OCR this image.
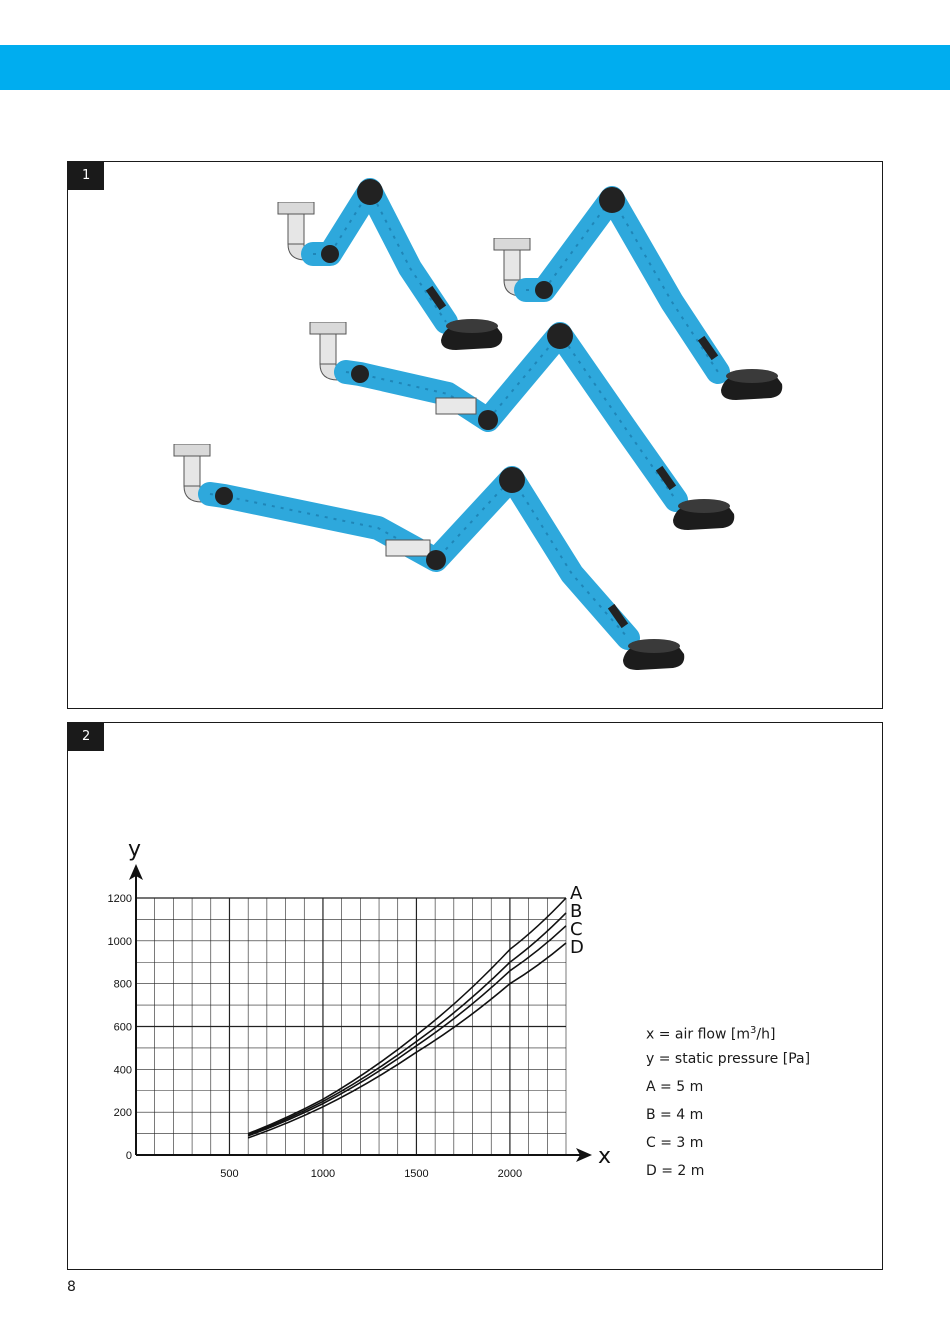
1
2
x
y
0
200
400
600
800
1000
1200
500	1000	1500	2000
A
B
C
D
x = air flow $[m^3/h]$
y = static pressure [Pa]
A = 5 m
B = 4 m
C = 3 m
D = 2 m
8
